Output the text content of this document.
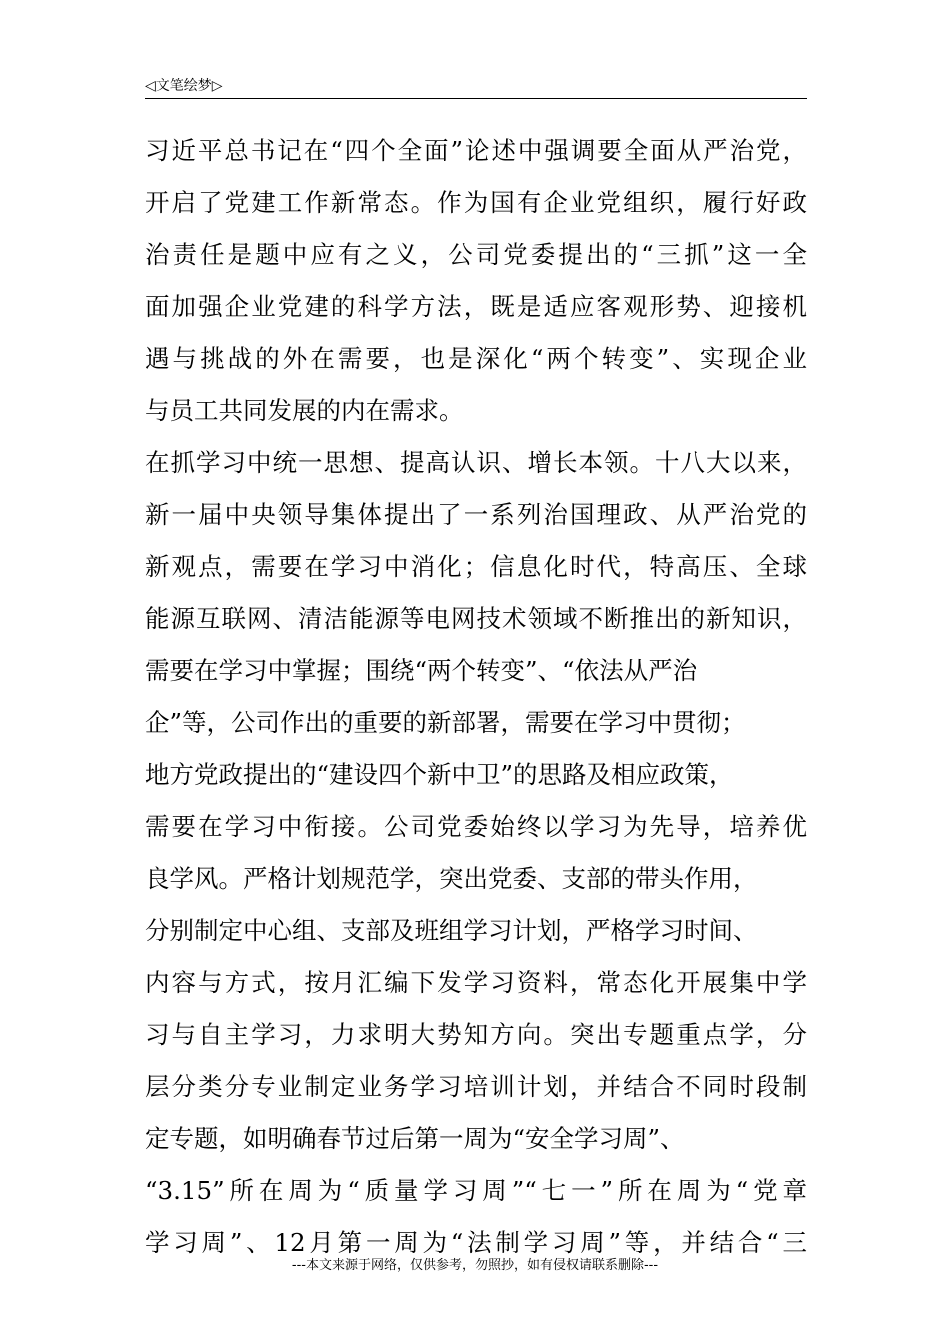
◁ 文笔绘梦 ▷
习近平总书记在“四个全面”论述中强调要全面从严治党，
开启了党建工作新常态。作为国有企业党组织，履行好政
治责任是题中应有之义，公司党委提出的“三抓”这一全
面加强企业党建的科学方法，既是适应客观形势、迎接机
遇与挑战的外在需要，也是深化“两个转变”、实现企业
与员工共同发展的内在需求。
在抓学习中统一思想、提高认识、增长本领。十八大以来，
新一届中央领导集体提出了一系列治国理政、从严治党的
新观点，需要在学习中消化；信息化时代，特高压、全球
能源互联网、清洁能源等电网技术领域不断推出的新知识，
需要在学习中掌握；围绕“两个转变”、“依法从严治
企”等，公司作出的重要的新部署，需要在学习中贯彻；
地方党政提出的“建设四个新中卫”的思路及相应政策，
需要在学习中衔接。公司党委始终以学习为先导，培养优
良学风。严格计划规范学，突出党委、支部的带头作用，
分别制定中心组、支部及班组学习计划，严格学习时间、
内容与方式，按月汇编下发学习资料，常态化开展集中学
习与自主学习，力求明大势知方向。突出专题重点学，分
层分类分专业制定业务学习培训计划，并结合不同时段制
定专题，如明确春节过后第一周为“安全学习周”、
“3.15”所在周为“质量学习周”“七一”所在周为“党章
学习周”、12月第一周为“法制学习周”等，并结合“三
---本文来源于网络，仅供参考，勿照抄，如有侵权请联系删除---
